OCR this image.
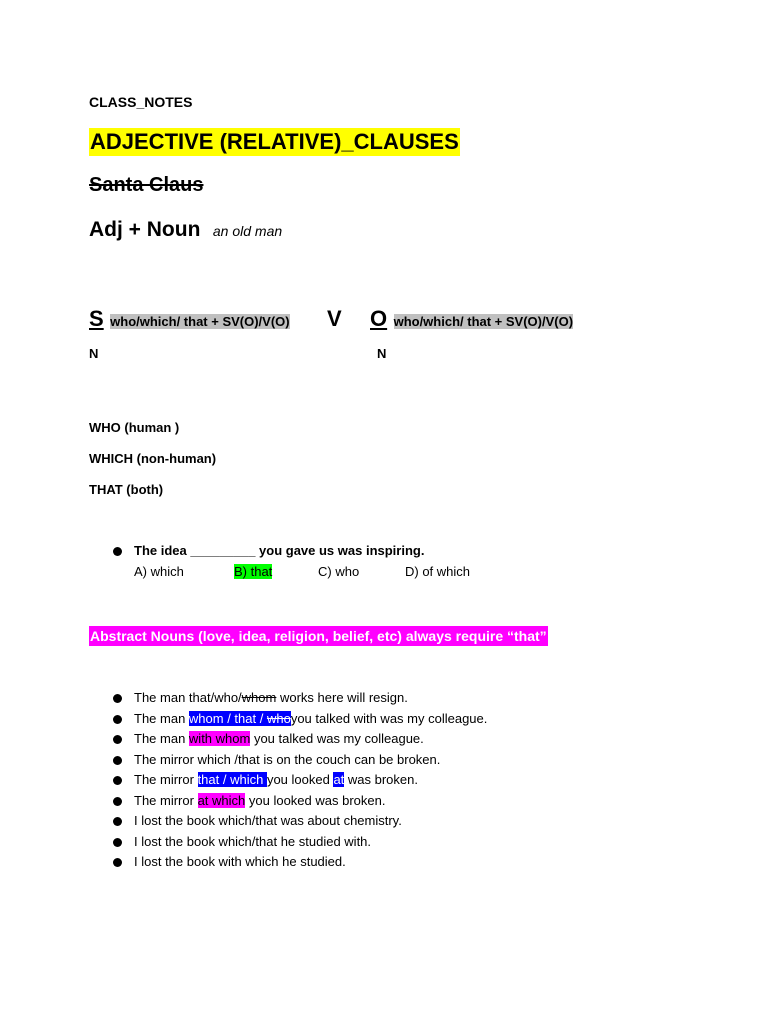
CLASS_NOTES
ADJECTIVE (RELATIVE)_CLAUSES
Santa Claus
Adj + Noun an old man
S who/which/ that + SV(O)/V(O) V O who/which/ that + SV(O)/V(O)
N	N
WHO (human )
WHICH (non-human)
THAT (both)
The idea _________ you gave us was inspiring.
A) which	B) that	C) who	D) of which
Abstract Nouns (love, idea, religion, belief, etc) always require “that”
The man that/who/whom works here will resign.
The man whom / that / whoyou talked with was my colleague.
The man with whom you talked was my colleague.
The mirror which /that is on the couch can be broken.
The mirror that / which you looked at was broken.
The mirror at which you looked was broken.
I lost the book which/that was about chemistry.
I lost the book which/that he studied with.
I lost the book with which he studied.
